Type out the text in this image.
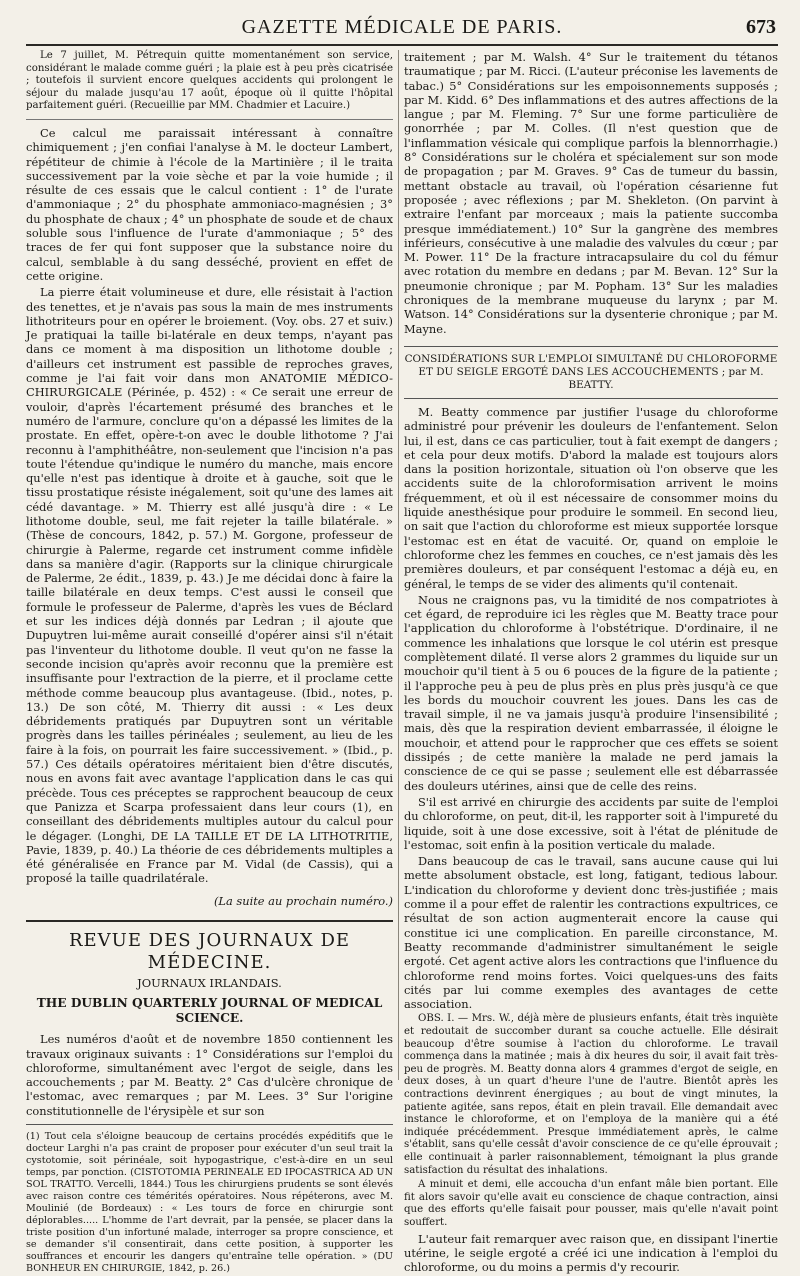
GAZETTE MÉDICALE DE PARIS.	673

Le 7 juillet, M. Pétrequin quitte momentanément son service, considérant le malade comme guéri ; la plaie est à peu près cicatrisée ; toutefois il survient encore quelques accidents qui prolongent le séjour du malade jusqu'au 17 août, époque où il quitte l'hôpital parfaitement guéri. (Recueillie par MM. Chadmier et Lacuire.)

Ce calcul me paraissait intéressant à connaître chimiquement ; j'en confiai l'analyse à M. le docteur Lambert, répétiteur de chimie à l'école de la Martinière ; il le traita successivement par la voie sèche et par la voie humide ; il résulte de ces essais que le calcul contient : 1° de l'urate d'ammoniaque ; 2° du phosphate ammoniaco-magnésien ; 3° du phosphate de chaux ; 4° un phosphate de soude et de chaux soluble sous l'influence de l'urate d'ammoniaque ; 5° des traces de fer qui font supposer que la substance noire du calcul, semblable à du sang desséché, provient en effet de cette origine.

La pierre était volumineuse et dure, elle résistait à l'action des tenettes, et je n'avais pas sous la main de mes instruments lithotriteurs pour en opérer le broiement. (Voy. obs. 27 et suiv.) Je pratiquai la taille bi-latérale en deux temps, n'ayant pas dans ce moment à ma disposition un lithotome double ; d'ailleurs cet instrument est passible de reproches graves, comme je l'ai fait voir dans mon ANATOMIE MÉDICO-CHIRURGICALE (Périnée, p. 452) : « Ce serait une erreur de vouloir, d'après l'écartement présumé des branches et le numéro de l'armure, conclure qu'on a dépassé les limites de la prostate. En effet, opère-t-on avec le double lithotome ? J'ai reconnu à l'amphithéâtre, non-seulement que l'incision n'a pas toute l'étendue qu'indique le numéro du manche, mais encore qu'elle n'est pas identique à droite et à gauche, soit que le tissu prostatique résiste inégalement, soit qu'une des lames ait cédé davantage. » M. Thierry est allé jusqu'à dire : « Le lithotome double, seul, me fait rejeter la taille bilatérale. » (Thèse de concours, 1842, p. 57.) M. Gorgone, professeur de chirurgie à Palerme, regarde cet instrument comme infidèle dans sa manière d'agir. (Rapports sur la clinique chirurgicale de Palerme, 2e édit., 1839, p. 43.) Je me décidai donc à faire la taille bilatérale en deux temps. C'est aussi le conseil que formule le professeur de Palerme, d'après les vues de Béclard et sur les indices déjà donnés par Ledran ; il ajoute que Dupuytren lui-même aurait conseillé d'opérer ainsi s'il n'était pas l'inventeur du lithotome double. Il veut qu'on ne fasse la seconde incision qu'après avoir reconnu que la première est insuffisante pour l'extraction de la pierre, et il proclame cette méthode comme beaucoup plus avantageuse. (Ibid., notes, p. 13.) De son côté, M. Thierry dit aussi : « Les deux débridements pratiqués par Dupuytren sont un véritable progrès dans les tailles périnéales ; seulement, au lieu de les faire à la fois, on pourrait les faire successivement. » (Ibid., p. 57.) Ces détails opératoires méritaient bien d'être discutés, nous en avons fait avec avantage l'application dans le cas qui précède. Tous ces préceptes se rapprochent beaucoup de ceux que Panizza et Scarpa professaient dans leur cours (1), en conseillant des débridements multiples autour du calcul pour le dégager. (Longhi, DE LA TAILLE ET DE LA LITHOTRITIE, Pavie, 1839, p. 40.) La théorie de ces débridements multiples a été généralisée en France par M. Vidal (de Cassis), qui a proposé la taille quadrilatérale.

(La suite au prochain numéro.)
REVUE DES JOURNAUX DE MÉDECINE.
JOURNAUX IRLANDAIS.
THE DUBLIN QUARTERLY JOURNAL OF MEDICAL SCIENCE.

Les numéros d'août et de novembre 1850 contiennent les travaux originaux suivants : 1° Considérations sur l'emploi du chloroforme, simultanément avec l'ergot de seigle, dans les accouchements ; par M. Beatty. 2° Cas d'ulcère chronique de l'estomac, avec remarques ; par M. Lees. 3° Sur l'origine constitutionnelle de l'érysipèle et sur son

(1) Tout cela s'éloigne beaucoup de certains procédés expéditifs que le docteur Larghi n'a pas craint de proposer pour exécuter d'un seul trait la cystotomie, soit périnéale, soit hypogastrique, c'est-à-dire en un seul temps, par ponction. (CISTOTOMIA PERINEALE ED IPOCASTRICA AD UN SOL TRATTO. Vercelli, 1844.) Tous les chirurgiens prudents se sont élevés avec raison contre ces témérités opératoires. Nous répéterons, avec M. Moulinié (de Bordeaux) : « Les tours de force en chirurgie sont déplorables..... L'homme de l'art devrait, par la pensée, se placer dans la triste position d'un infortuné malade, interroger sa propre conscience, et se demander s'il consentirait, dans cette position, à supporter les souffrances et encourir les dangers qu'entraîne telle opération. » (DU BONHEUR EN CHIRURGIE, 1842, p. 26.)

traitement ; par M. Walsh. 4° Sur le traitement du tétanos traumatique ; par M. Ricci. (L'auteur préconise les lavements de tabac.) 5° Considérations sur les empoisonnements supposés ; par M. Kidd. 6° Des inflammations et des autres affections de la langue ; par M. Fleming. 7° Sur une forme particulière de gonorrhée ; par M. Colles. (Il n'est question que de l'inflammation vésicale qui complique parfois la blennorrhagie.) 8° Considérations sur le choléra et spécialement sur son mode de propagation ; par M. Graves. 9° Cas de tumeur du bassin, mettant obstacle au travail, où l'opération césarienne fut proposée ; avec réflexions ; par M. Shekleton. (On parvint à extraire l'enfant par morceaux ; mais la patiente succomba presque immédiatement.) 10° Sur la gangrène des membres inférieurs, consécutive à une maladie des valvules du cœur ; par M. Power. 11° De la fracture intracapsulaire du col du fémur avec rotation du membre en dedans ; par M. Bevan. 12° Sur la pneumonie chronique ; par M. Popham. 13° Sur les maladies chroniques de la membrane muqueuse du larynx ; par M. Watson. 14° Considérations sur la dysenterie chronique ; par M. Mayne.

CONSIDÉRATIONS SUR L'EMPLOI SIMULTANÉ DU CHLOROFORME ET DU SEIGLE ERGOTÉ DANS LES ACCOUCHEMENTS ; par M. BEATTY.

M. Beatty commence par justifier l'usage du chloroforme administré pour prévenir les douleurs de l'enfantement. Selon lui, il est, dans ce cas particulier, tout à fait exempt de dangers ; et cela pour deux motifs. D'abord la malade est toujours alors dans la position horizontale, situation où l'on observe que les accidents suite de la chloroformisation arrivent le moins fréquemment, et où il est nécessaire de consommer moins du liquide anesthésique pour produire le sommeil. En second lieu, on sait que l'action du chloroforme est mieux supportée lorsque l'estomac est en état de vacuité. Or, quand on emploie le chloroforme chez les femmes en couches, ce n'est jamais dès les premières douleurs, et par conséquent l'estomac a déjà eu, en général, le temps de se vider des aliments qu'il contenait.

Nous ne craignons pas, vu la timidité de nos compatriotes à cet égard, de reproduire ici les règles que M. Beatty trace pour l'application du chloroforme à l'obstétrique. D'ordinaire, il ne commence les inhalations que lorsque le col utérin est presque complètement dilaté. Il verse alors 2 grammes du liquide sur un mouchoir qu'il tient à 5 ou 6 pouces de la figure de la patiente ; il l'approche peu à peu de plus près en plus près jusqu'à ce que les bords du mouchoir couvrent les joues. Dans les cas de travail simple, il ne va jamais jusqu'à produire l'insensibilité ; mais, dès que la respiration devient embarrassée, il éloigne le mouchoir, et attend pour le rapprocher que ces effets se soient dissipés ; de cette manière la malade ne perd jamais la conscience de ce qui se passe ; seulement elle est débarrassée des douleurs utérines, ainsi que de celle des reins.

S'il est arrivé en chirurgie des accidents par suite de l'emploi du chloroforme, on peut, dit-il, les rapporter soit à l'impureté du liquide, soit à une dose excessive, soit à l'état de plénitude de l'estomac, soit enfin à la position verticale du malade.

Dans beaucoup de cas le travail, sans aucune cause qui lui mette absolument obstacle, est long, fatigant, tedious labour. L'indication du chloroforme y devient donc très-justifiée ; mais comme il a pour effet de ralentir les contractions expultrices, ce résultat de son action augmenterait encore la cause qui constitue ici une complication. En pareille circonstance, M. Beatty recommande d'administrer simultanément le seigle ergoté. Cet agent active alors les contractions que l'influence du chloroforme rend moins fortes. Voici quelques-uns des faits cités par lui comme exemples des avantages de cette association.

OBS. I. — Mrs. W., déjà mère de plusieurs enfants, était très inquiète et redoutait de succomber durant sa couche actuelle. Elle désirait beaucoup d'être soumise à l'action du chloroforme. Le travail commença dans la matinée ; mais à dix heures du soir, il avait fait très-peu de progrès. M. Beatty donna alors 4 grammes d'ergot de seigle, en deux doses, à un quart d'heure l'une de l'autre. Bientôt après les contractions devinrent énergiques ; au bout de vingt minutes, la patiente agitée, sans repos, était en plein travail. Elle demandait avec instance le chloroforme, et on l'employa de la manière qui a été indiquée précédemment. Presque immédiatement après, le calme s'établit, sans qu'elle cessât d'avoir conscience de ce qu'elle éprouvait ; elle continuait à parler raisonnablement, témoignant la plus grande satisfaction du résultat des inhalations.

A minuit et demi, elle accoucha d'un enfant mâle bien portant. Elle fit alors savoir qu'elle avait eu conscience de chaque contraction, ainsi que des efforts qu'elle faisait pour pousser, mais qu'elle n'avait point souffert.

L'auteur fait remarquer avec raison que, en dissipant l'inertie utérine, le seigle ergoté a créé ici une indication à l'emploi du chloroforme, ou du moins a permis d'y recourir.
